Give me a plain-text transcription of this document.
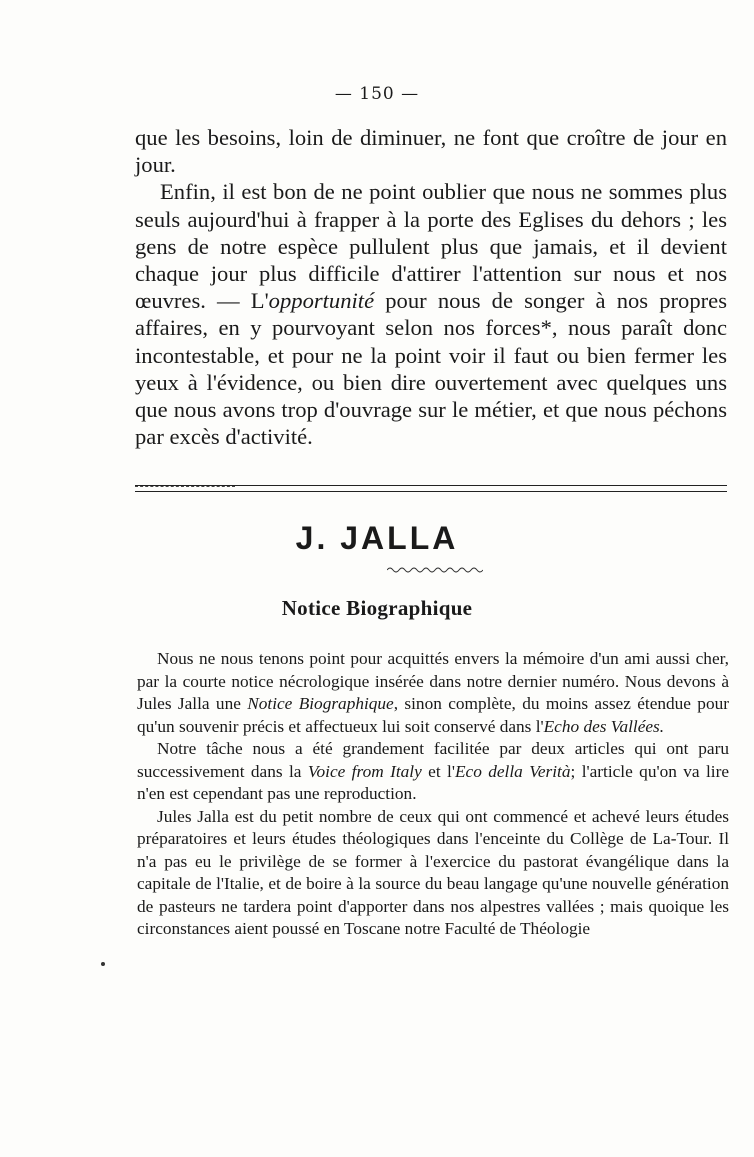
— 150 —

que les besoins, loin de diminuer, ne font que croître de jour en jour.

Enfin, il est bon de ne point oublier que nous ne sommes plus seuls aujourd'hui à frapper à la porte des Eglises du dehors ; les gens de notre espèce pullulent plus que jamais, et il devient chaque jour plus difficile d'attirer l'attention sur nous et nos œuvres. — L'opportunité pour nous de songer à nos propres affaires, en y pourvoyant selon nos forces*, nous paraît donc incontestable, et pour ne la point voir il faut ou bien fermer les yeux à l'évidence, ou bien dire ouvertement avec quelques uns que nous avons trop d'ouvrage sur le métier, et que nous péchons par excès d'activité.

J. JALLA
Notice Biographique

Nous ne nous tenons point pour acquittés envers la mémoire d'un ami aussi cher, par la courte notice nécrologique insérée dans notre dernier numéro. Nous devons à Jules Jalla une Notice Biographique, sinon complète, du moins assez étendue pour qu'un souvenir précis et affectueux lui soit conservé dans l'Echo des Vallées.

Notre tâche nous a été grandement facilitée par deux articles qui ont paru successivement dans la Voice from Italy et l'Eco della Verità; l'article qu'on va lire n'en est cependant pas une reproduction.

Jules Jalla est du petit nombre de ceux qui ont commencé et achevé leurs études préparatoires et leurs études théologiques dans l'enceinte du Collège de La-Tour. Il n'a pas eu le privilège de se former à l'exercice du pastorat évangélique dans la capitale de l'Italie, et de boire à la source du beau langage qu'une nouvelle génération de pasteurs ne tardera point d'apporter dans nos alpestres vallées ; mais quoique les circonstances aient poussé en Toscane notre Faculté de Théologie
